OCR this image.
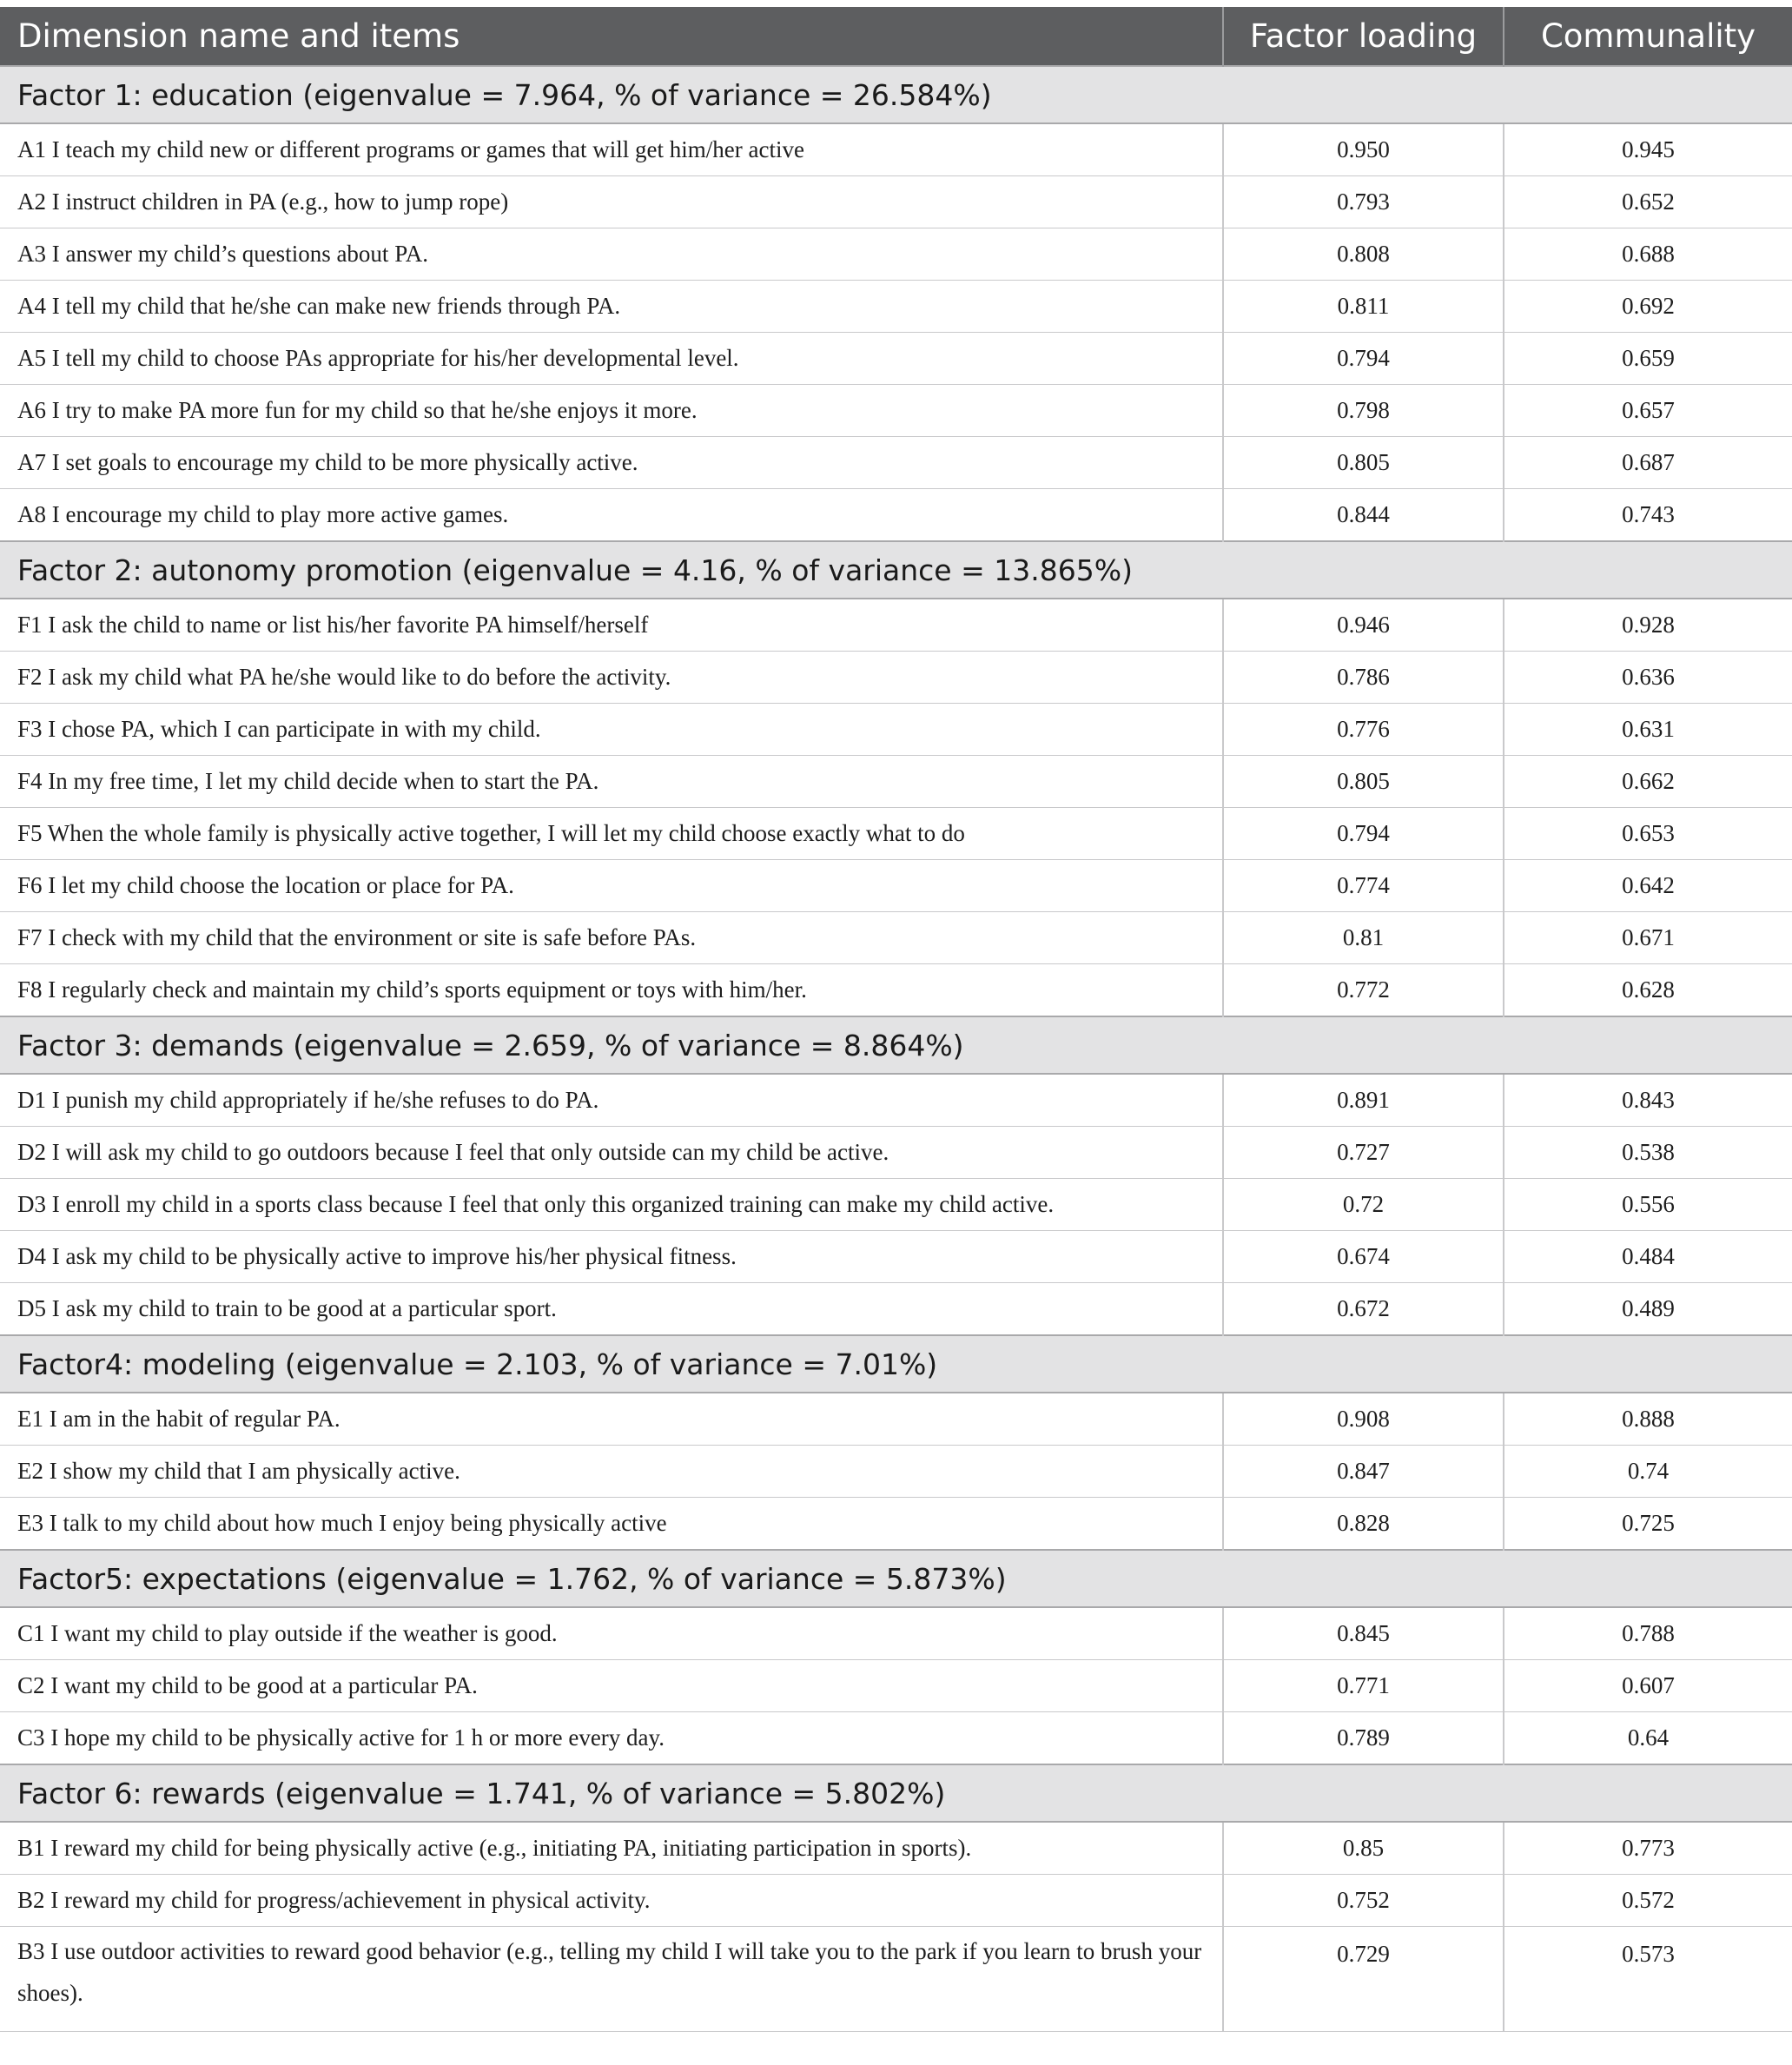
Dimension name and items	Factor loading	Communality
Factor 1: education (eigenvalue = 7.964, % of variance = 26.584%)		
A1 I teach my child new or different programs or games that will get him/her active	0.950	0.945
A2 I instruct children in PA (e.g., how to jump rope)	0.793	0.652
A3 I answer my child’s questions about PA.	0.808	0.688
A4 I tell my child that he/she can make new friends through PA.	0.811	0.692
A5 I tell my child to choose PAs appropriate for his/her developmental level.	0.794	0.659
A6 I try to make PA more fun for my child so that he/she enjoys it more.	0.798	0.657
A7 I set goals to encourage my child to be more physically active.	0.805	0.687
A8 I encourage my child to play more active games.	0.844	0.743
Factor 2: autonomy promotion (eigenvalue = 4.16, % of variance = 13.865%)		
F1 I ask the child to name or list his/her favorite PA himself/herself	0.946	0.928
F2 I ask my child what PA he/she would like to do before the activity.	0.786	0.636
F3 I chose PA, which I can participate in with my child.	0.776	0.631
F4 In my free time, I let my child decide when to start the PA.	0.805	0.662
F5 When the whole family is physically active together, I will let my child choose exactly what to do	0.794	0.653
F6 I let my child choose the location or place for PA.	0.774	0.642
F7 I check with my child that the environment or site is safe before PAs.	0.81	0.671
F8 I regularly check and maintain my child’s sports equipment or toys with him/her.	0.772	0.628
Factor 3: demands (eigenvalue = 2.659, % of variance = 8.864%)		
D1 I punish my child appropriately if he/she refuses to do PA.	0.891	0.843
D2 I will ask my child to go outdoors because I feel that only outside can my child be active.	0.727	0.538
D3 I enroll my child in a sports class because I feel that only this organized training can make my child active.	0.72	0.556
D4 I ask my child to be physically active to improve his/her physical fitness.	0.674	0.484
D5 I ask my child to train to be good at a particular sport.	0.672	0.489
Factor4: modeling (eigenvalue = 2.103, % of variance = 7.01%)		
E1 I am in the habit of regular PA.	0.908	0.888
E2 I show my child that I am physically active.	0.847	0.74
E3 I talk to my child about how much I enjoy being physically active	0.828	0.725
Factor5: expectations (eigenvalue = 1.762, % of variance = 5.873%)		
C1 I want my child to play outside if the weather is good.	0.845	0.788
C2 I want my child to be good at a particular PA.	0.771	0.607
C3 I hope my child to be physically active for 1 h or more every day.	0.789	0.64
Factor 6: rewards (eigenvalue = 1.741, % of variance = 5.802%)		
B1 I reward my child for being physically active (e.g., initiating PA, initiating participation in sports).	0.85	0.773
B2 I reward my child for progress/achievement in physical activity.	0.752	0.572
B3 I use outdoor activities to reward good behavior (e.g., telling my child I will take you to the park if you learn to brush your shoes).	0.729	0.573
